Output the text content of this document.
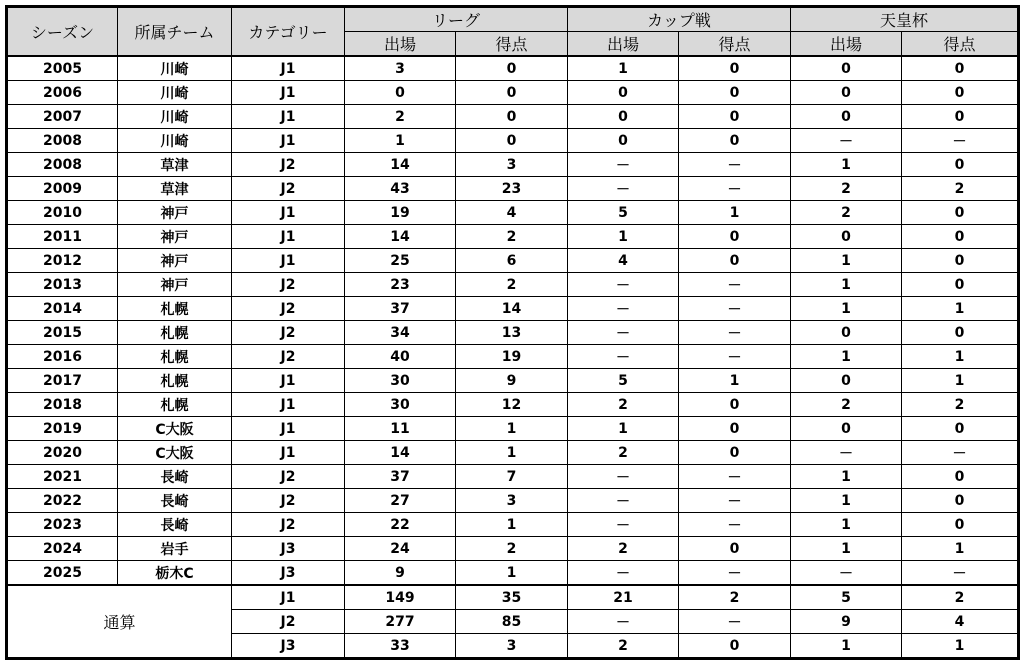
シーズン	所属チーム	カテゴリー	リーグ		カップ戦		天皇杯	
			出場	得点	出場	得点	出場	得点
2005	川崎	J1	3	0	1	0	0	0
2006	川崎	J1	0	0	0	0	0	0
2007	川崎	J1	2	0	0	0	0	0
2008	川崎	J1	1	0	0	0	－	－
2008	草津	J2	14	3	－	－	1	0
2009	草津	J2	43	23	－	－	2	2
2010	神戸	J1	19	4	5	1	2	0
2011	神戸	J1	14	2	1	0	0	0
2012	神戸	J1	25	6	4	0	1	0
2013	神戸	J2	23	2	－	－	1	0
2014	札幌	J2	37	14	－	－	1	1
2015	札幌	J2	34	13	－	－	0	0
2016	札幌	J2	40	19	－	－	1	1
2017	札幌	J1	30	9	5	1	0	1
2018	札幌	J1	30	12	2	0	2	2
2019	C大阪	J1	11	1	1	0	0	0
2020	C大阪	J1	14	1	2	0	－	－
2021	長崎	J2	37	7	－	－	1	0
2022	長崎	J2	27	3	－	－	1	0
2023	長崎	J2	22	1	－	－	1	0
2024	岩手	J3	24	2	2	0	1	1
2025	栃木C	J3	9	1	－	－	－	－
通算		J1	149	35	21	2	5	2
		J2	277	85	－	－	9	4
		J3	33	3	2	0	1	1
